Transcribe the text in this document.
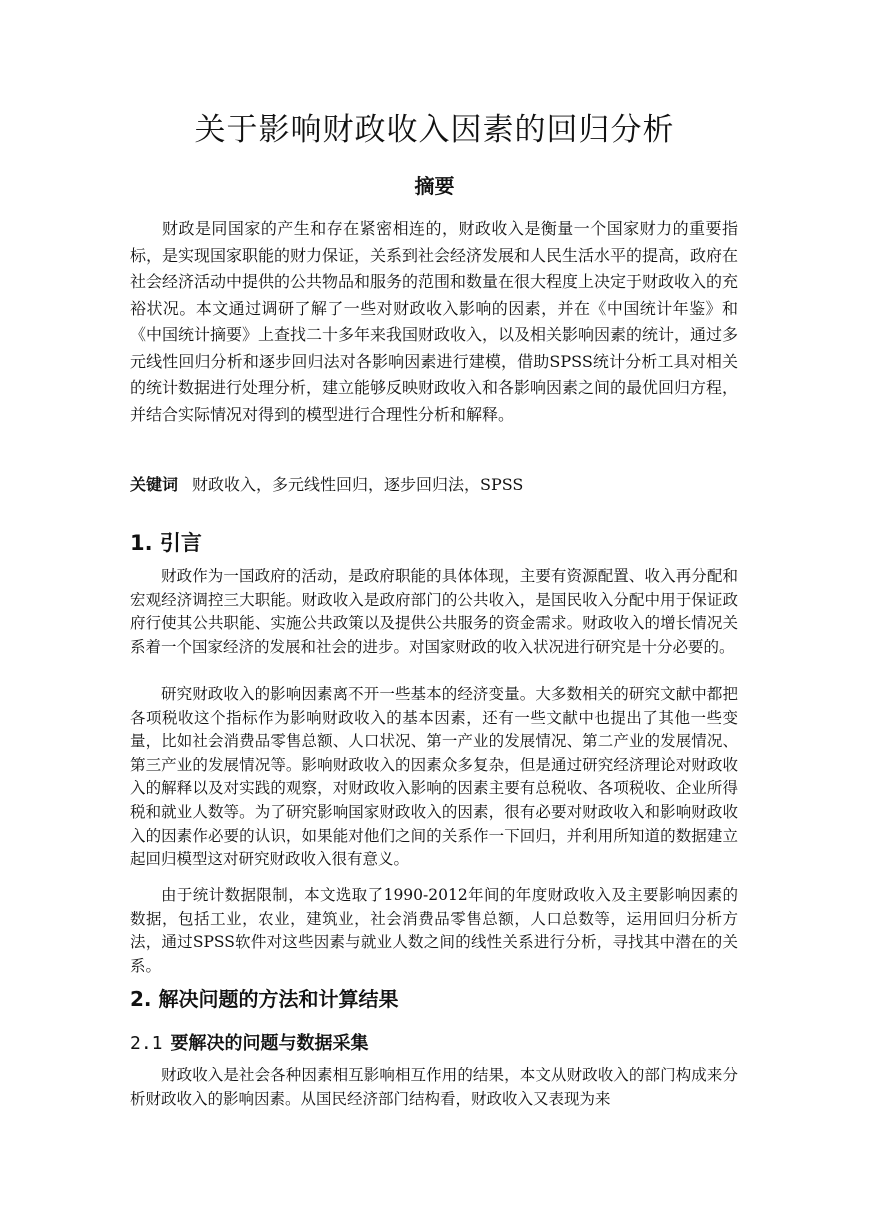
关于影响财政收入因素的回归分析
摘要

财政是同国家的产生和存在紧密相连的，财政收入是衡量一个国家财力的重要指标，是实现国家职能的财力保证，关系到社会经济发展和人民生活水平的提高，政府在社会经济活动中提供的公共物品和服务的范围和数量在很大程度上决定于财政收入的充裕状况。本文通过调研了解了一些对财政收入影响的因素，并在《中国统计年鉴》和《中国统计摘要》上查找二十多年来我国财政收入，以及相关影响因素的统计，通过多元线性回归分析和逐步回归法对各影响因素进行建模，借助SPSS统计分析工具对相关的统计数据进行处理分析，建立能够反映财政收入和各影响因素之间的最优回归方程，并结合实际情况对得到的模型进行合理性分析和解释。

关键词 财政收入，多元线性回归，逐步回归法，SPSS

1. 引言

财政作为一国政府的活动，是政府职能的具体体现，主要有资源配置、收入再分配和宏观经济调控三大职能。财政收入是政府部门的公共收入，是国民收入分配中用于保证政府行使其公共职能、实施公共政策以及提供公共服务的资金需求。财政收入的增长情况关系着一个国家经济的发展和社会的进步。对国家财政的收入状况进行研究是十分必要的。

研究财政收入的影响因素离不开一些基本的经济变量。大多数相关的研究文献中都把各项税收这个指标作为影响财政收入的基本因素，还有一些文献中也提出了其他一些变量，比如社会消费品零售总额、人口状况、第一产业的发展情况、第二产业的发展情况、第三产业的发展情况等。影响财政收入的因素众多复杂，但是通过研究经济理论对财政收入的解释以及对实践的观察，对财政收入影响的因素主要有总税收、各项税收、企业所得税和就业人数等。为了研究影响国家财政收入的因素，很有必要对财政收入和影响财政收入的因素作必要的认识，如果能对他们之间的关系作一下回归，并利用所知道的数据建立起回归模型这对研究财政收入很有意义。

由于统计数据限制，本文选取了1990-2012年间的年度财政收入及主要影响因素的数据，包括工业，农业，建筑业，社会消费品零售总额，人口总数等，运用回归分析方法，通过SPSS软件对这些因素与就业人数之间的线性关系进行分析，寻找其中潜在的关系。

2. 解决问题的方法和计算结果
2.1 要解决的问题与数据采集

财政收入是社会各种因素相互影响相互作用的结果，本文从财政收入的部门构成来分析财政收入的影响因素。从国民经济部门结构看，财政收入又表现为来
